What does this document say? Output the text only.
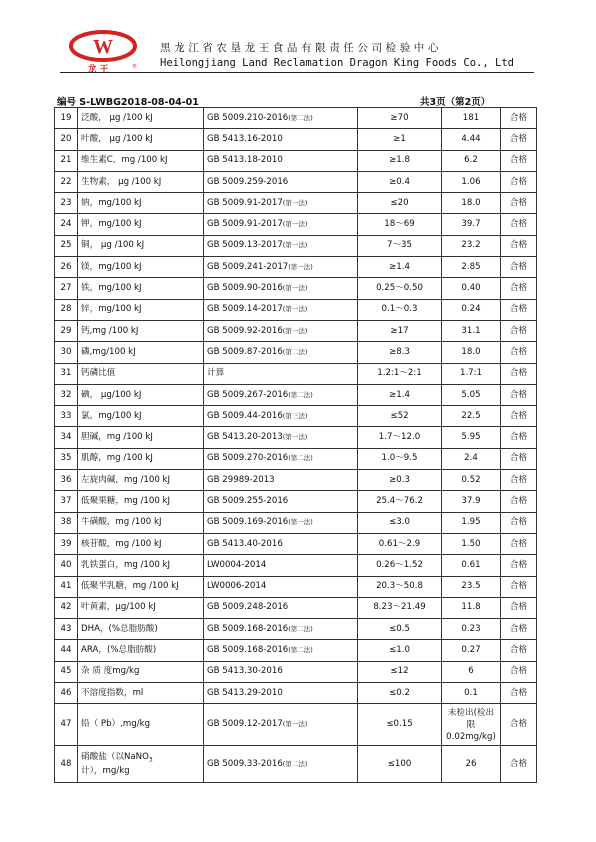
W
龙 王	®
黑龙江省农垦龙王食品有限责任公司检验中心
Heilongjiang Land Reclamation Dragon King Foods Co., Ltd
编号 S-LWBG2018-08-04-01	共3页（第2页）
19	泛酸， μg /100 kJ	GB 5009.210-2016(第二法)	≥70	181	合格
20	叶酸， μg /100 kJ	GB 5413.16-2010	≥1	4.44	合格
21	维生素C，mg /100 kJ	GB 5413.18-2010	≥1.8	6.2	合格
22	生物素， μg /100 kJ	GB 5009.259-2016	≥0.4	1.06	合格
23	钠，mg/100 kJ	GB 5009.91-2017(第一法)	≤20	18.0	合格
24	钾，mg/100 kJ	GB 5009.91-2017(第一法)	18～69	39.7	合格
25	铜， μg /100 kJ	GB 5009.13-2017(第一法)	7～35	23.2	合格
26	镁，mg/100 kJ	GB 5009.241-2017(第一法)	≥1.4	2.85	合格
27	铁，mg/100 kJ	GB 5009.90-2016(第一法)	0.25～0.50	0.40	合格
28	锌，mg/100 kJ	GB 5009.14-2017(第一法)	0.1～0.3	0.24	合格
29	钙,mg /100 kJ	GB 5009.92-2016(第一法)	≥17	31.1	合格
30	磷,mg/100 kJ	GB 5009.87-2016(第二法)	≥8.3	18.0	合格
31	钙磷比值	计算	1.2:1～2:1	1.7:1	合格
32	碘， μg/100 kJ	GB 5009.267-2016(第二法)	≥1.4	5.05	合格
33	氯，mg/100 kJ	GB 5009.44-2016(第三法)	≤52	22.5	合格
34	胆碱，mg /100 kJ	GB 5413.20-2013(第一法)	1.7～12.0	5.95	合格
35	肌醇，mg /100 kJ	GB 5009.270-2016(第二法)	1.0～9.5	2.4	合格
36	左旋肉碱，mg /100 kJ	GB 29989-2013	≥0.3	0.52	合格
37	低聚果糖，mg /100 kJ	GB 5009.255-2016	25.4～76.2	37.9	合格
38	牛磺酸，mg /100 kJ	GB 5009.169-2016(第一法)	≤3.0	1.95	合格
39	核苷酸，mg /100 kJ	GB 5413.40-2016	0.61～2.9	1.50	合格
40	乳铁蛋白，mg /100 kJ	LW0004-2014	0.26～1.52	0.61	合格
41	低聚半乳糖，mg /100 kJ	LW0006-2014	20.3～50.8	23.5	合格
42	叶黄素，μg/100 kJ	GB 5009.248-2016	8.23～21.49	11.8	合格
43	DHA，(%总脂肪酸)	GB 5009.168-2016(第二法)	≤0.5	0.23	合格
44	ARA，(%总脂肪酸)	GB 5009.168-2016(第二法)	≤1.0	0.27	合格
45	杂 质 度mg/kg	GB 5413.30-2016	≤12	6	合格
46	不溶度指数，ml	GB 5413.29-2010	≤0.2	0.1	合格
47	铅（ Pb）,mg/kg	GB 5009.12-2017(第一法)	≤0.15	未检出(检出限0.02mg/kg)	合格
48	硝酸盐（以NaNO$_3$
计），mg/kg	GB 5009.33-2016(第二法)	≤100	26	合格
